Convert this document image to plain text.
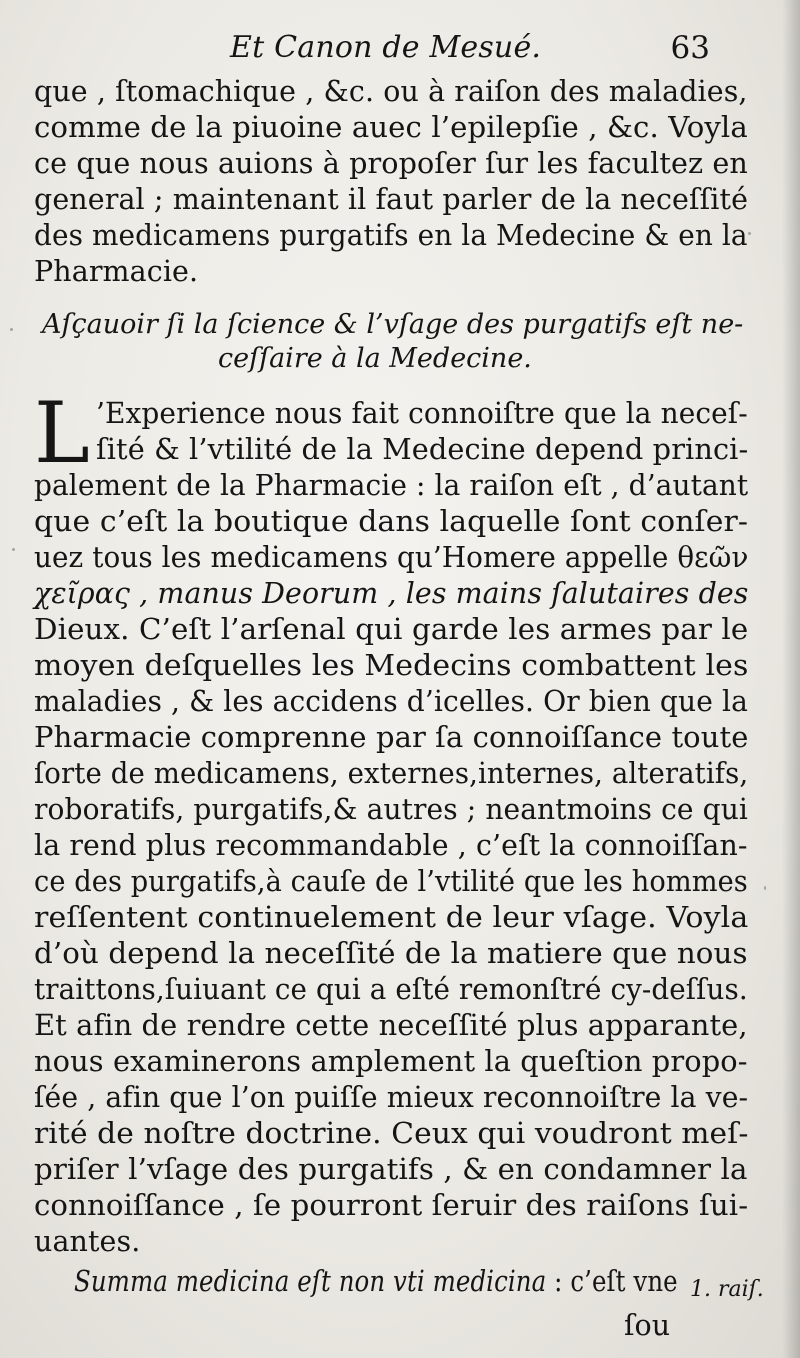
Et Canon de Mesué.	63
que , ſtomachique , &c. ou à raiſon des maladies,
comme de la piuoine auec l’epilepſie , &c. Voyla
ce que nous auions à propoſer ſur les facultez en
general ; maintenant il faut parler de la neceſſité
des medicamens purgatifs en la Medecine & en la
Pharmacie.
Aſçauoir ſi la ſcience & l’vſage des purgatifs eſt ne-
ceſſaire à la Medecine.
L ’Experience nous fait connoiſtre que la neceſ-
ſité & l’vtilité de la Medecine depend princi-
palement de la Pharmacie : la raiſon eſt , d’autant
que c’eſt la boutique dans laquelle ſont conſer-
uez tous les medicamens qu’Homere appelle θεῶν
χεῖρας , manus Deorum , les mains ſalutaires des
Dieux. C’eſt l’arſenal qui garde les armes par le
moyen deſquelles les Medecins combattent les
maladies , & les accidens d’icelles. Or bien que la
Pharmacie comprenne par ſa connoiſſance toute
ſorte de medicamens, externes,internes, alteratifs,
roboratifs, purgatifs,& autres ; neantmoins ce qui
la rend plus recommandable , c’eſt la connoiſſan-
ce des purgatifs,à cauſe de l’vtilité que les hommes
reſſentent continuelement de leur vſage. Voyla
d’où depend la neceſſité de la matiere que nous
traittons,ſuiuant ce qui a eſté remonſtré cy-deſſus.
Et afin de rendre cette neceſſité plus apparante,
nous examinerons amplement la queſtion propo-
ſée , afin que l’on puiſſe mieux reconnoiſtre la ve-
rité de noſtre doctrine. Ceux qui voudront meſ-
priſer l’vſage des purgatifs , & en condamner la
connoiſſance , ſe pourront ſeruir des raiſons ſui-
uantes.
Summa medicina eſt non vti medicina : c’eſt vne 1. raiſ.
ſou
